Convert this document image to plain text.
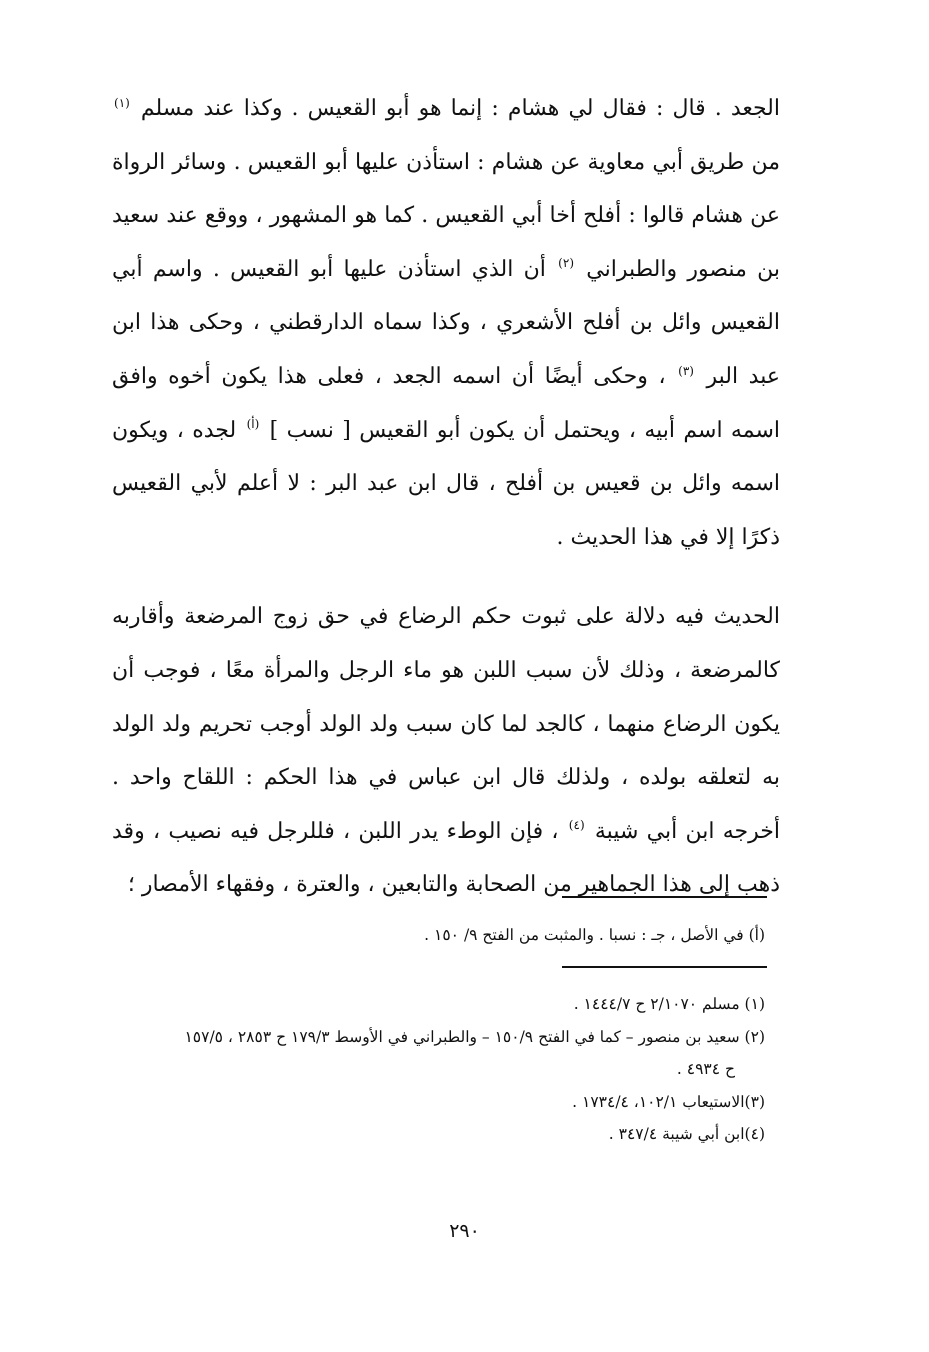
الجعد . قال : فقال لي هشام : إنما هو أبو القعيس . وكذا عند مسلم $^{(١)}$ من طريق أبي معاوية عن هشام : استأذن عليها أبو القعيس . وسائر الرواة عن هشام قالوا : أفلح أخا أبي القعيس . كما هو المشهور ، ووقع عند سعيد بن منصور والطبراني $^{(٢)}$ أن الذي استأذن عليها أبو القعيس . واسم أبي القعيس وائل بن أفلح الأشعري ، وكذا سماه الدارقطني ، وحكى هذا ابن عبد البر $^{(٣)}$ ، وحكى أيضًا أن اسمه الجعد ، فعلى هذا يكون أخوه وافق اسمه اسم أبيه ، ويحتمل أن يكون أبو القعيس [ نسب ] $^{(أ)}$ لجده ، ويكون اسمه وائل بن قعيس بن أفلح ، قال ابن عبد البر : لا أعلم لأبي القعيس ذكرًا إلا في هذا الحديث .

الحديث فيه دلالة على ثبوت حكم الرضاع في حق زوج المرضعة وأقاربه كالمرضعة ، وذلك لأن سبب اللبن هو ماء الرجل والمرأة معًا ، فوجب أن يكون الرضاع منهما ، كالجد لما كان سبب ولد الولد أوجب تحريم ولد الولد به لتعلقه بولده ، ولذلك قال ابن عباس في هذا الحكم : اللقاح واحد . أخرجه ابن أبي شيبة $^{(٤)}$ ، فإن الوطء يدر اللبن ، فللرجل فيه نصيب ، وقد ذهب إلى هذا الجماهير من الصحابة والتابعين ، والعترة ، وفقهاء الأمصار ؛

(أ) في الأصل ، جـ : نسبا . والمثبت من الفتح ٩/ ١٥٠ .

(١) مسلم ٢/١٠٧٠ ح ١٤٤٤/٧ .

(٢) سعيد بن منصور – كما في الفتح ١٥٠/٩ – والطبراني في الأوسط ١٧٩/٣ ح ٢٨٥٣ ، ١٥٧/٥
ح ٤٩٣٤ .

(٣)الاستيعاب ١٠٢/١، ١٧٣٤/٤ .

(٤)ابن أبي شيبة ٣٤٧/٤ .

٢٩٠
